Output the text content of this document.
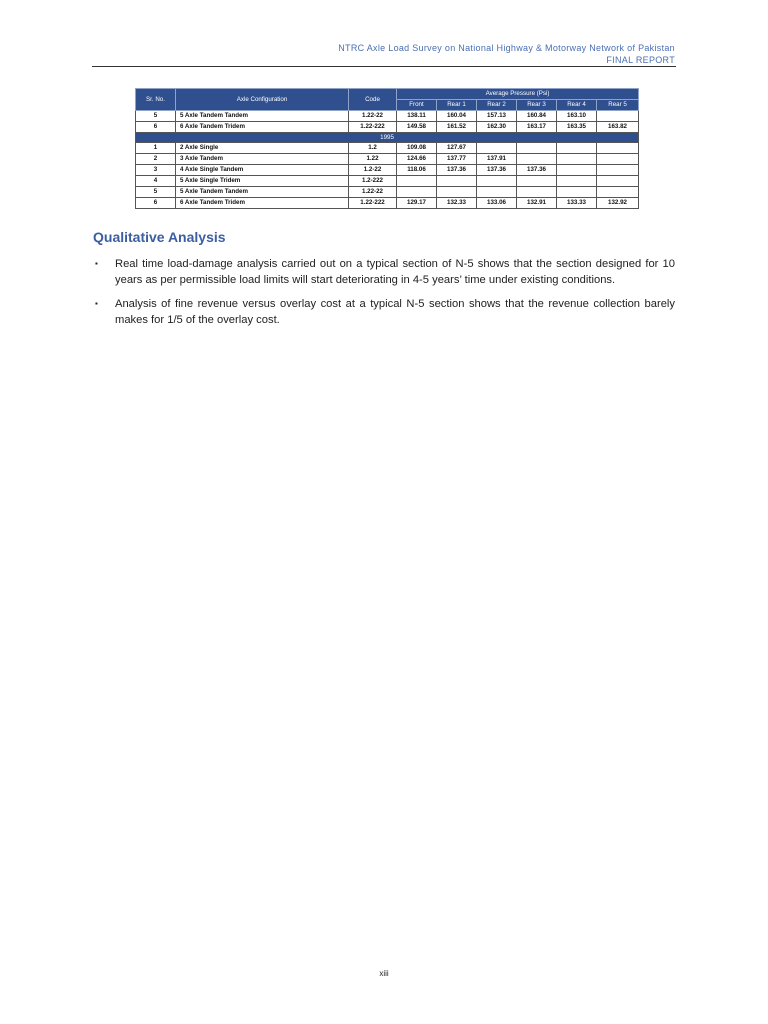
NTRC Axle Load Survey on National Highway & Motorway Network of Pakistan
FINAL REPORT
Sr. No.	Axle Configuration	Code	Average Pressure (Psi)					
			Front	Rear 1	Rear 2	Rear 3	Rear 4	Rear 5
5	5 Axle Tandem Tandem	1.22-22	138.11	160.04	157.13	160.84	163.10	
6	6 Axle Tandem Tridem	1.22-222	149.58	161.52	162.30	163.17	163.35	163.82
1995								
1	2 Axle Single	1.2	109.08	127.67				
2	3 Axle Tandem	1.22	124.66	137.77	137.91			
3	4 Axle Single Tandem	1.2-22	118.06	137.36	137.36	137.36		
4	5 Axle Single Tridem	1.2-222						
5	5 Axle Tandem Tandem	1.22-22						
6	6 Axle Tandem Tridem	1.22-222	129.17	132.33	133.06	132.91	133.33	132.92
Qualitative Analysis
▪ Real time load-damage analysis carried out on a typical section of N-5 shows that the section designed for 10 years as per permissible load limits will start deteriorating in 4-5 years’ time under existing conditions.
▪ Analysis of fine revenue versus overlay cost at a typical N-5 section shows that the revenue collection barely makes for 1/5 of the overlay cost.
xiii
